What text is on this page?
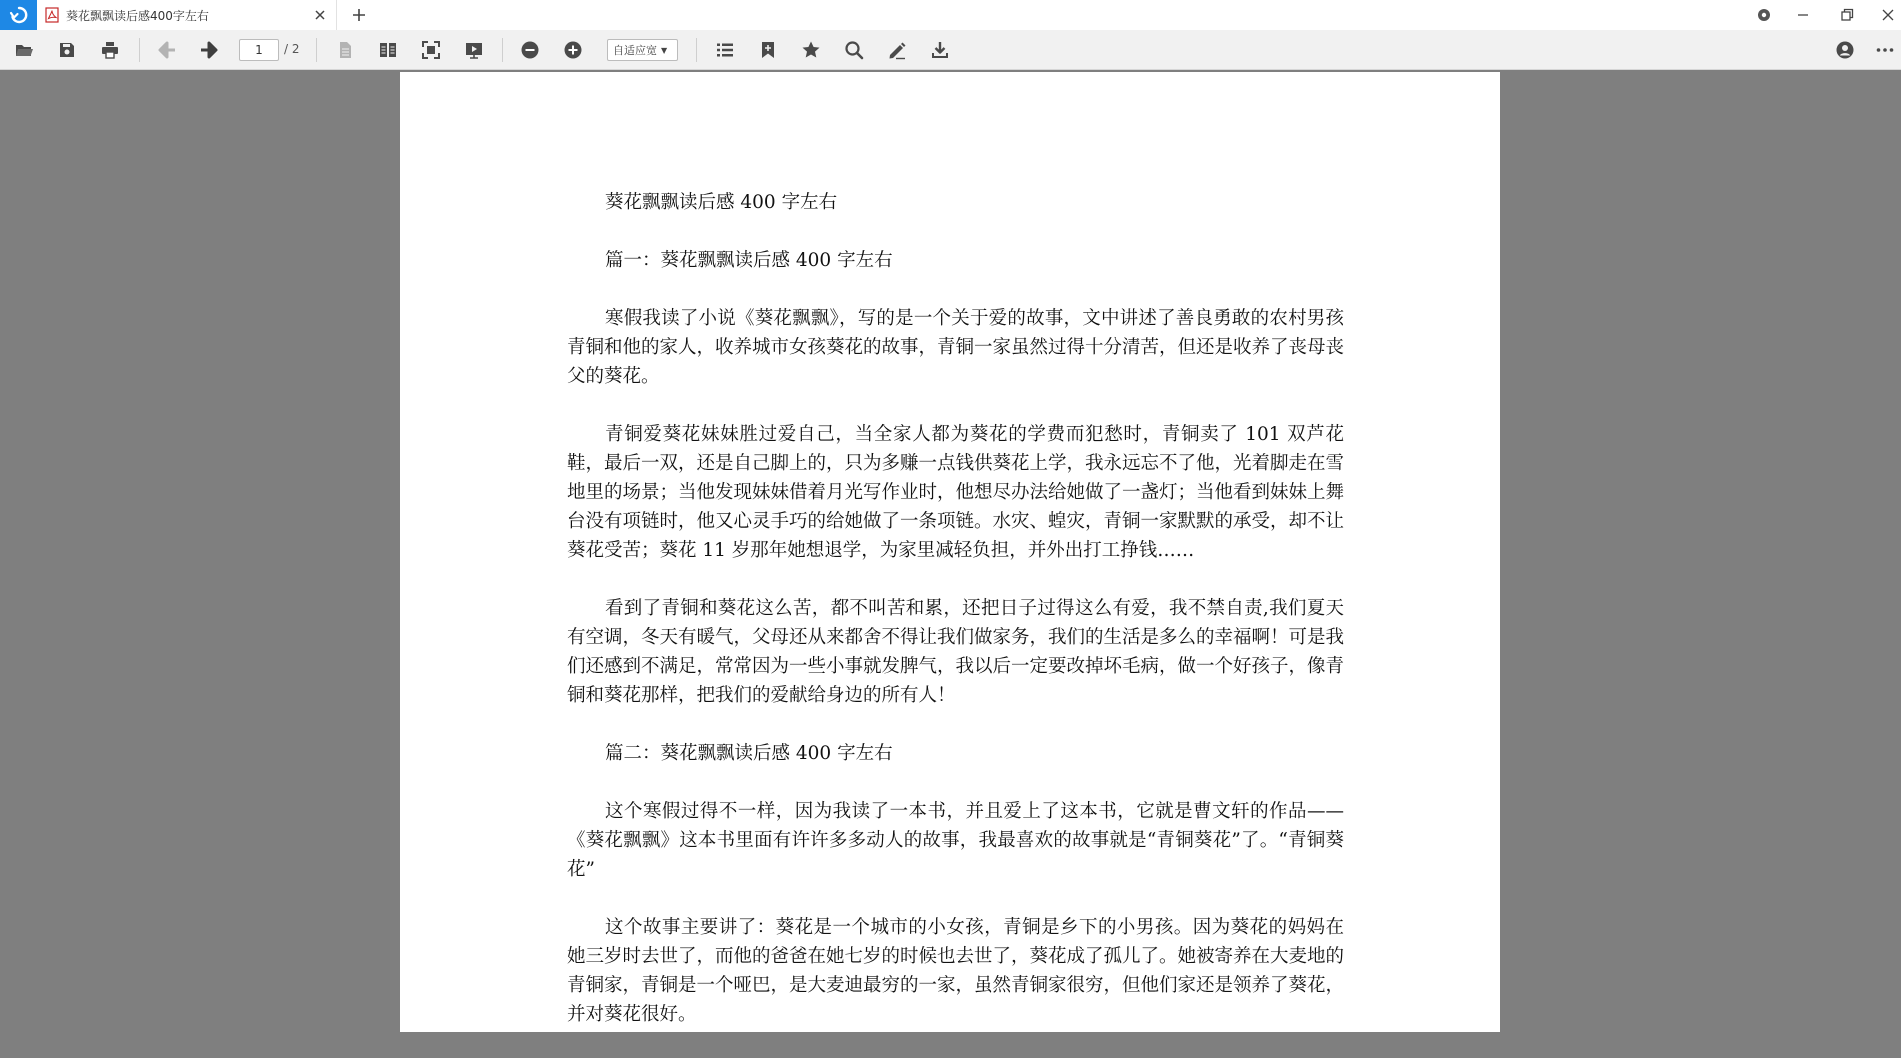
葵花飘飘读后感400字左右
1
/ 2	自适应宽 ▼

葵花飘飘读后感 400 字左右

篇一：葵花飘飘读后感 400 字左右

寒假我读了小说《葵花飘飘》，写的是一个关于爱的故事，文中讲述了善良勇敢的农村男孩青铜和他的家人，收养城市女孩葵花的故事，青铜一家虽然过得十分清苦，但还是收养了丧母丧父的葵花。

青铜爱葵花妹妹胜过爱自己，当全家人都为葵花的学费而犯愁时，青铜卖了 101 双芦花鞋，最后一双，还是自己脚上的，只为多赚一点钱供葵花上学，我永远忘不了他，光着脚走在雪地里的场景；当他发现妹妹借着月光写作业时，他想尽办法给她做了一盏灯；当他看到妹妹上舞台没有项链时，他又心灵手巧的给她做了一条项链。水灾、蝗灾，青铜一家默默的承受，却不让葵花受苦；葵花 11 岁那年她想退学，为家里减轻负担，并外出打工挣钱……

看到了青铜和葵花这么苦，都不叫苦和累，还把日子过得这么有爱，我不禁自责,我们夏天有空调，冬天有暖气，父母还从来都舍不得让我们做家务，我们的生活是多么的幸福啊！可是我们还感到不满足，常常因为一些小事就发脾气，我以后一定要改掉坏毛病，做一个好孩子，像青铜和葵花那样，把我们的爱献给身边的所有人！

篇二：葵花飘飘读后感 400 字左右

这个寒假过得不一样，因为我读了一本书，并且爱上了这本书，它就是曹文轩的作品—— 《葵花飘飘》这本书里面有许许多多动人的故事，我最喜欢的故事就是“青铜葵花”了。“青铜葵花”

这个故事主要讲了：葵花是一个城市的小女孩，青铜是乡下的小男孩。因为葵花的妈妈在她三岁时去世了，而他的爸爸在她七岁的时候也去世了，葵花成了孤儿了。她被寄养在大麦地的青铜家，青铜是一个哑巴，是大麦迪最穷的一家，虽然青铜家很穷，但他们家还是领养了葵花，并对葵花很好。
